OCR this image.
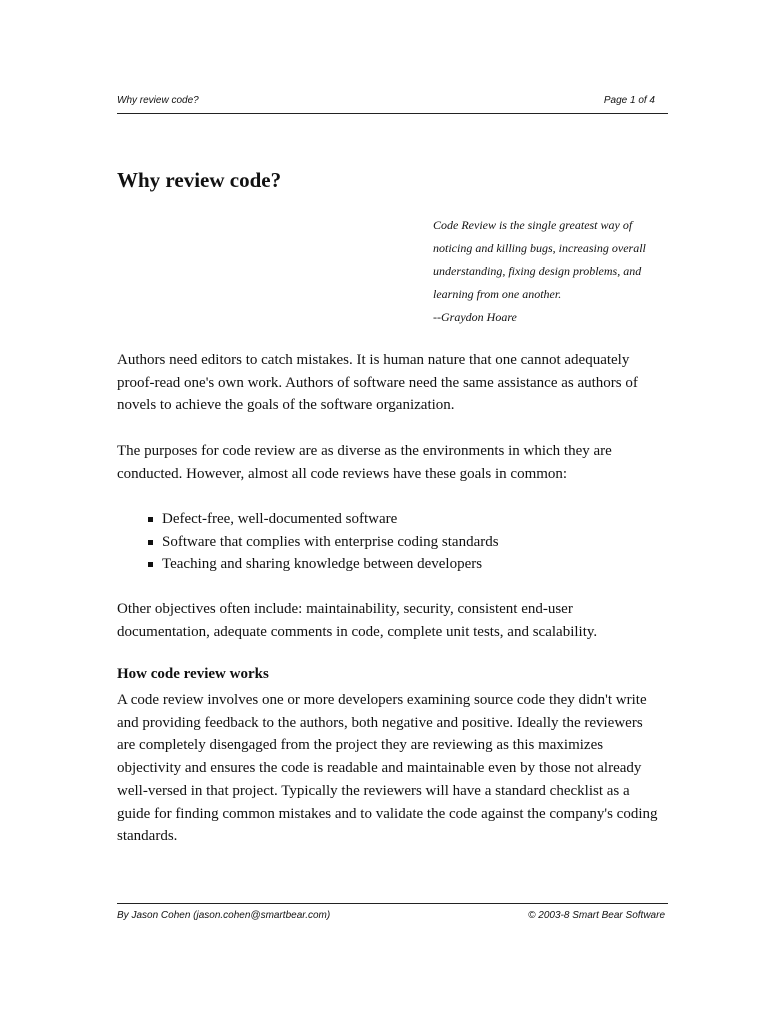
Why review code?	Page 1 of 4
Why review code?
Code Review is the single greatest way of
noticing and killing bugs, increasing overall
understanding, fixing design problems, and
learning from one another.
--Graydon Hoare
Authors need editors to catch mistakes. It is human nature that one cannot adequately
proof-read one's own work. Authors of software need the same assistance as authors of
novels to achieve the goals of the software organization.
The purposes for code review are as diverse as the environments in which they are
conducted. However, almost all code reviews have these goals in common:
Defect-free, well-documented software
Software that complies with enterprise coding standards
Teaching and sharing knowledge between developers
Other objectives often include: maintainability, security, consistent end-user
documentation, adequate comments in code, complete unit tests, and scalability.
How code review works
A code review involves one or more developers examining source code they didn't write
and providing feedback to the authors, both negative and positive. Ideally the reviewers
are completely disengaged from the project they are reviewing as this maximizes
objectivity and ensures the code is readable and maintainable even by those not already
well-versed in that project. Typically the reviewers will have a standard checklist as a
guide for finding common mistakes and to validate the code against the company's coding
standards.
By Jason Cohen (jason.cohen@smartbear.com)	© 2003-8 Smart Bear Software
